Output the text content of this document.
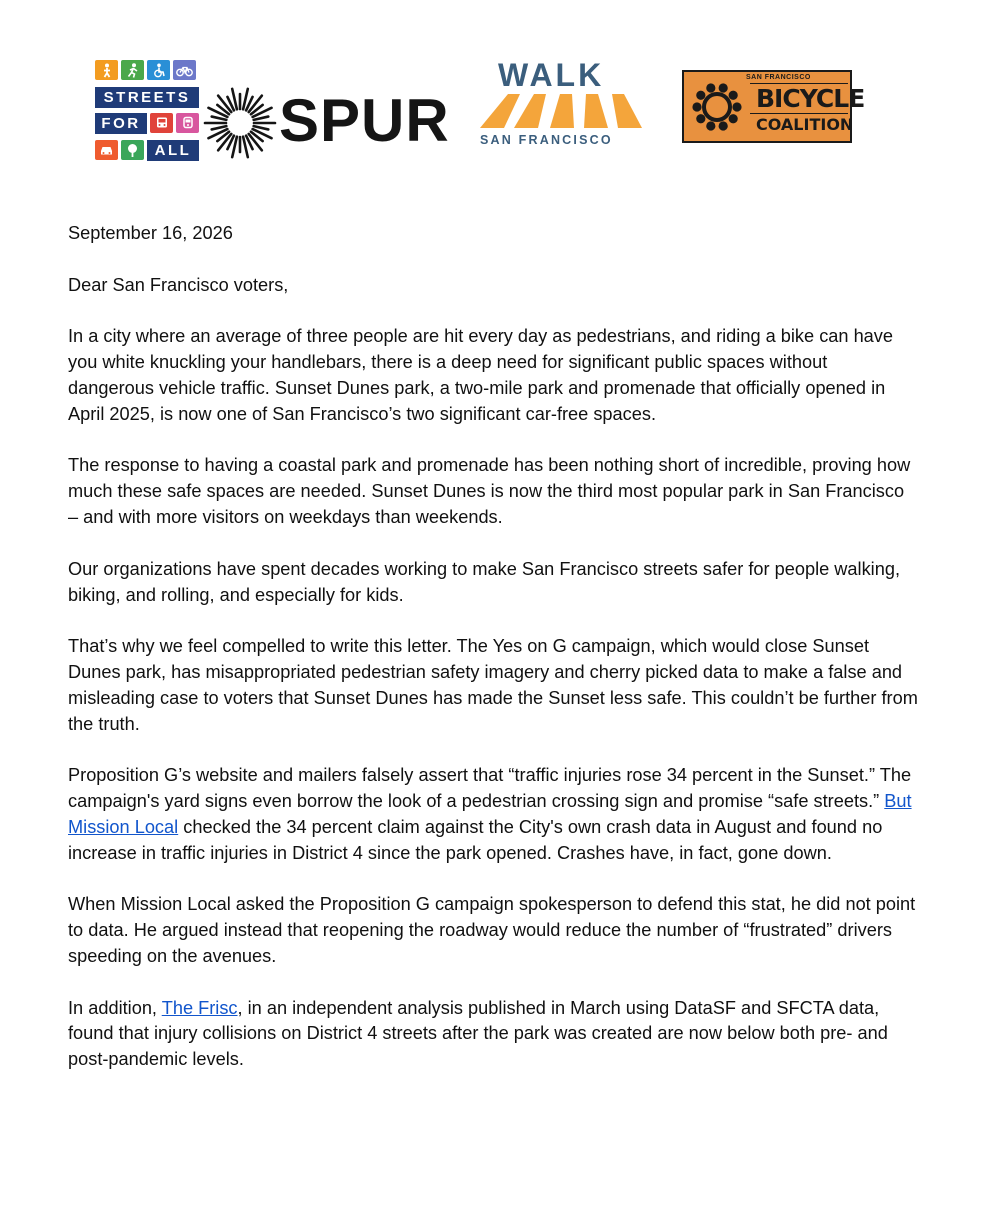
STREETS
FOR
ALL SPUR
WALK
SAN FRANCISCO
SAN FRANCISCO
BICYCLE
COALITION

September 16, 2026

Dear San Francisco voters,

In a city where an average of three people are hit every day as pedestrians, and riding a bike can have you white knuckling your handlebars, there is a deep need for significant public spaces without dangerous vehicle traffic. Sunset Dunes park, a two-mile park and promenade that officially opened in April 2025, is now one of San Francisco’s two significant car-free spaces.

The response to having a coastal park and promenade has been nothing short of incredible, proving how much these safe spaces are needed. Sunset Dunes is now the third most popular park in San Francisco – and with more visitors on weekdays than weekends.

Our organizations have spent decades working to make San Francisco streets safer for people walking, biking, and rolling, and especially for kids.

That’s why we feel compelled to write this letter. The Yes on G campaign, which would close Sunset Dunes park, has misappropriated pedestrian safety imagery and cherry picked data to make a false and misleading case to voters that Sunset Dunes has made the Sunset less safe. This couldn’t be further from the truth.

Proposition G’s website and mailers falsely assert that “traffic injuries rose 34 percent in the Sunset.” The campaign's yard signs even borrow the look of a pedestrian crossing sign and promise “safe streets.” But Mission Local checked the 34 percent claim against the City's own crash data in August and found no increase in traffic injuries in District 4 since the park opened. Crashes have, in fact, gone down.

When Mission Local asked the Proposition G campaign spokesperson to defend this stat, he did not point to data. He argued instead that reopening the roadway would reduce the number of “frustrated” drivers speeding on the avenues.

In addition, The Frisc, in an independent analysis published in March using DataSF and SFCTA data, found that injury collisions on District 4 streets after the park was created are now below both pre- and post-pandemic levels.
